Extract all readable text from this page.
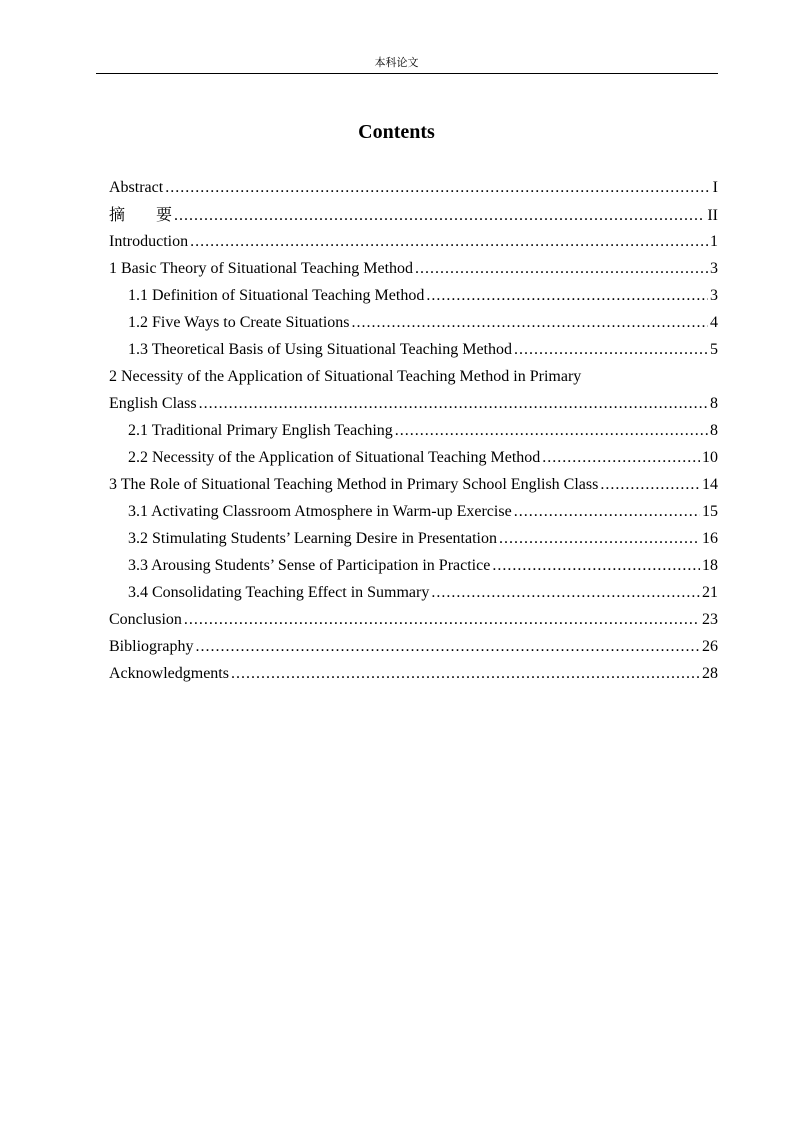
本科论文
Contents
Abstract .....	I
摘 要 .....	II
Introduction .....	1
1 Basic Theory of Situational Teaching Method .....	3
1.1 Definition of Situational Teaching Method .....	3
1.2 Five Ways to Create Situations .....	4
1.3 Theoretical Basis of Using Situational Teaching Method .....	5
2 Necessity of the Application of Situational Teaching Method in Primary
English Class .....	8
2.1 Traditional Primary English Teaching .....	8
2.2 Necessity of the Application of Situational Teaching Method .....	10
3 The Role of Situational Teaching Method in Primary School English Class .....	14
3.1 Activating Classroom Atmosphere in Warm-up Exercise .....	15
3.2 Stimulating Students’ Learning Desire in Presentation .....	16
3.3 Arousing Students’ Sense of Participation in Practice .....	18
3.4 Consolidating Teaching Effect in Summary .....	21
Conclusion .....	23
Bibliography .....	26
Acknowledgments .....	28
